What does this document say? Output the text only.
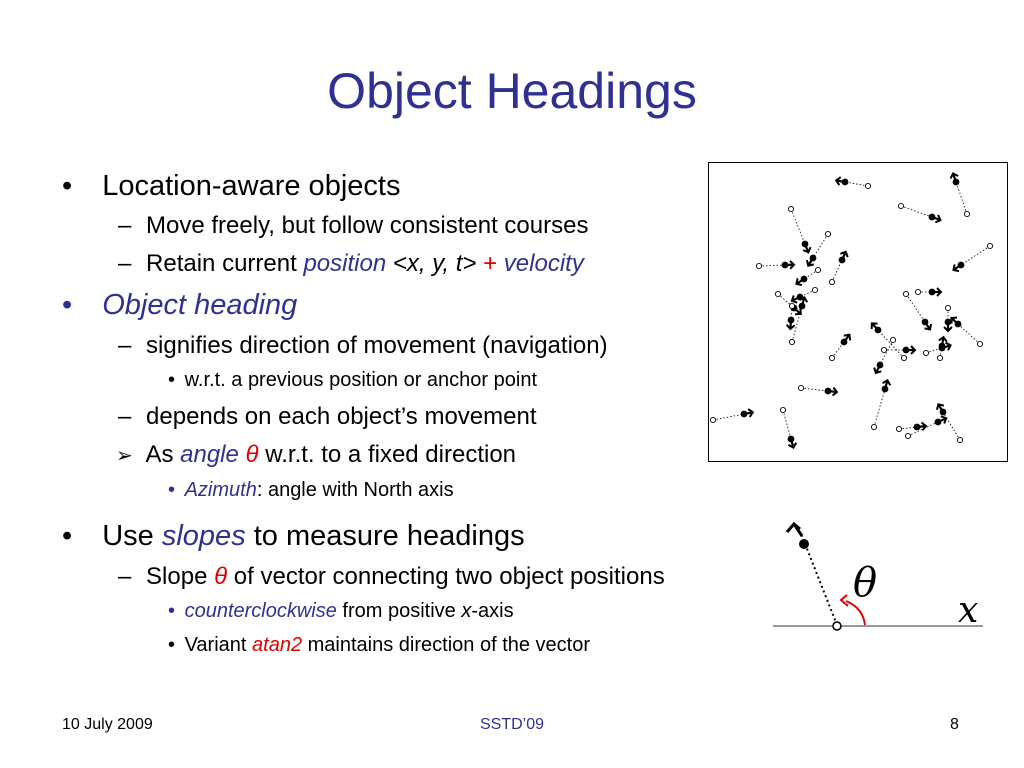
Object Headings
• Location-aware objects
– Move freely, but follow consistent courses
– Retain current position <x, y, t> + velocity
• Object heading
– signifies direction of movement (navigation)
• w.r.t. a previous position or anchor point
– depends on each object’s movement
➢ As angle θ w.r.t. to a fixed direction
• Azimuth: angle with North axis
• Use slopes to measure headings
– Slope θ of vector connecting two object positions
• counterclockwise from positive x-axis
• Variant atan2 maintains direction of the vector
θ
x
10 July 2009	SSTD’09	8
